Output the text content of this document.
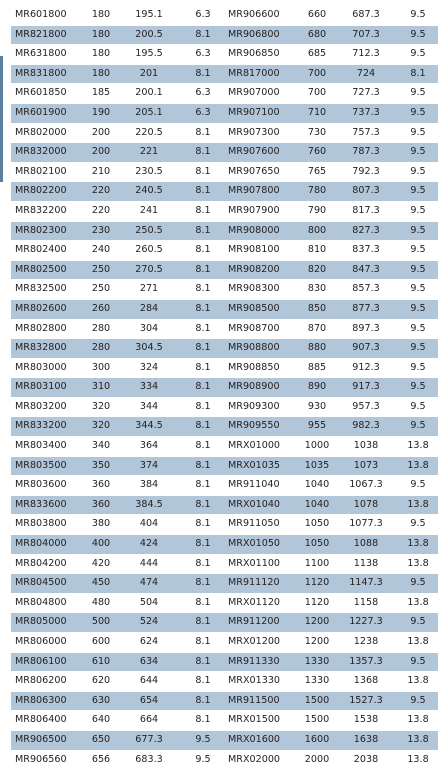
MR601800	180	195.1	6.3
MR821800	180	200.5	8.1
MR631800	180	195.5	6.3
MR831800	180	201	8.1
MR601850	185	200.1	6.3
MR601900	190	205.1	6.3
MR802000	200	220.5	8.1
MR832000	200	221	8.1
MR802100	210	230.5	8.1
MR802200	220	240.5	8.1
MR832200	220	241	8.1
MR802300	230	250.5	8.1
MR802400	240	260.5	8.1
MR802500	250	270.5	8.1
MR832500	250	271	8.1
MR802600	260	284	8.1
MR802800	280	304	8.1
MR832800	280	304.5	8.1
MR803000	300	324	8.1
MR803100	310	334	8.1
MR803200	320	344	8.1
MR833200	320	344.5	8.1
MR803400	340	364	8.1
MR803500	350	374	8.1
MR803600	360	384	8.1
MR833600	360	384.5	8.1
MR803800	380	404	8.1
MR804000	400	424	8.1
MR804200	420	444	8.1
MR804500	450	474	8.1
MR804800	480	504	8.1
MR805000	500	524	8.1
MR806000	600	624	8.1
MR806100	610	634	8.1
MR806200	620	644	8.1
MR806300	630	654	8.1
MR806400	640	664	8.1
MR906500	650	677.3	9.5
MR906560	656	683.3	9.5
MR906600	660	687.3	9.5
MR906800	680	707.3	9.5
MR906850	685	712.3	9.5
MR817000	700	724	8.1
MR907000	700	727.3	9.5
MR907100	710	737.3	9.5
MR907300	730	757.3	9.5
MR907600	760	787.3	9.5
MR907650	765	792.3	9.5
MR907800	780	807.3	9.5
MR907900	790	817.3	9.5
MR908000	800	827.3	9.5
MR908100	810	837.3	9.5
MR908200	820	847.3	9.5
MR908300	830	857.3	9.5
MR908500	850	877.3	9.5
MR908700	870	897.3	9.5
MR908800	880	907.3	9.5
MR908850	885	912.3	9.5
MR908900	890	917.3	9.5
MR909300	930	957.3	9.5
MR909550	955	982.3	9.5
MRX01000	1000	1038	13.8
MRX01035	1035	1073	13.8
MR911040	1040	1067.3	9.5
MRX01040	1040	1078	13.8
MR911050	1050	1077.3	9.5
MRX01050	1050	1088	13.8
MRX01100	1100	1138	13.8
MR911120	1120	1147.3	9.5
MRX01120	1120	1158	13.8
MR911200	1200	1227.3	9.5
MRX01200	1200	1238	13.8
MR911330	1330	1357.3	9.5
MRX01330	1330	1368	13.8
MR911500	1500	1527.3	9.5
MRX01500	1500	1538	13.8
MRX01600	1600	1638	13.8
MRX02000	2000	2038	13.8
